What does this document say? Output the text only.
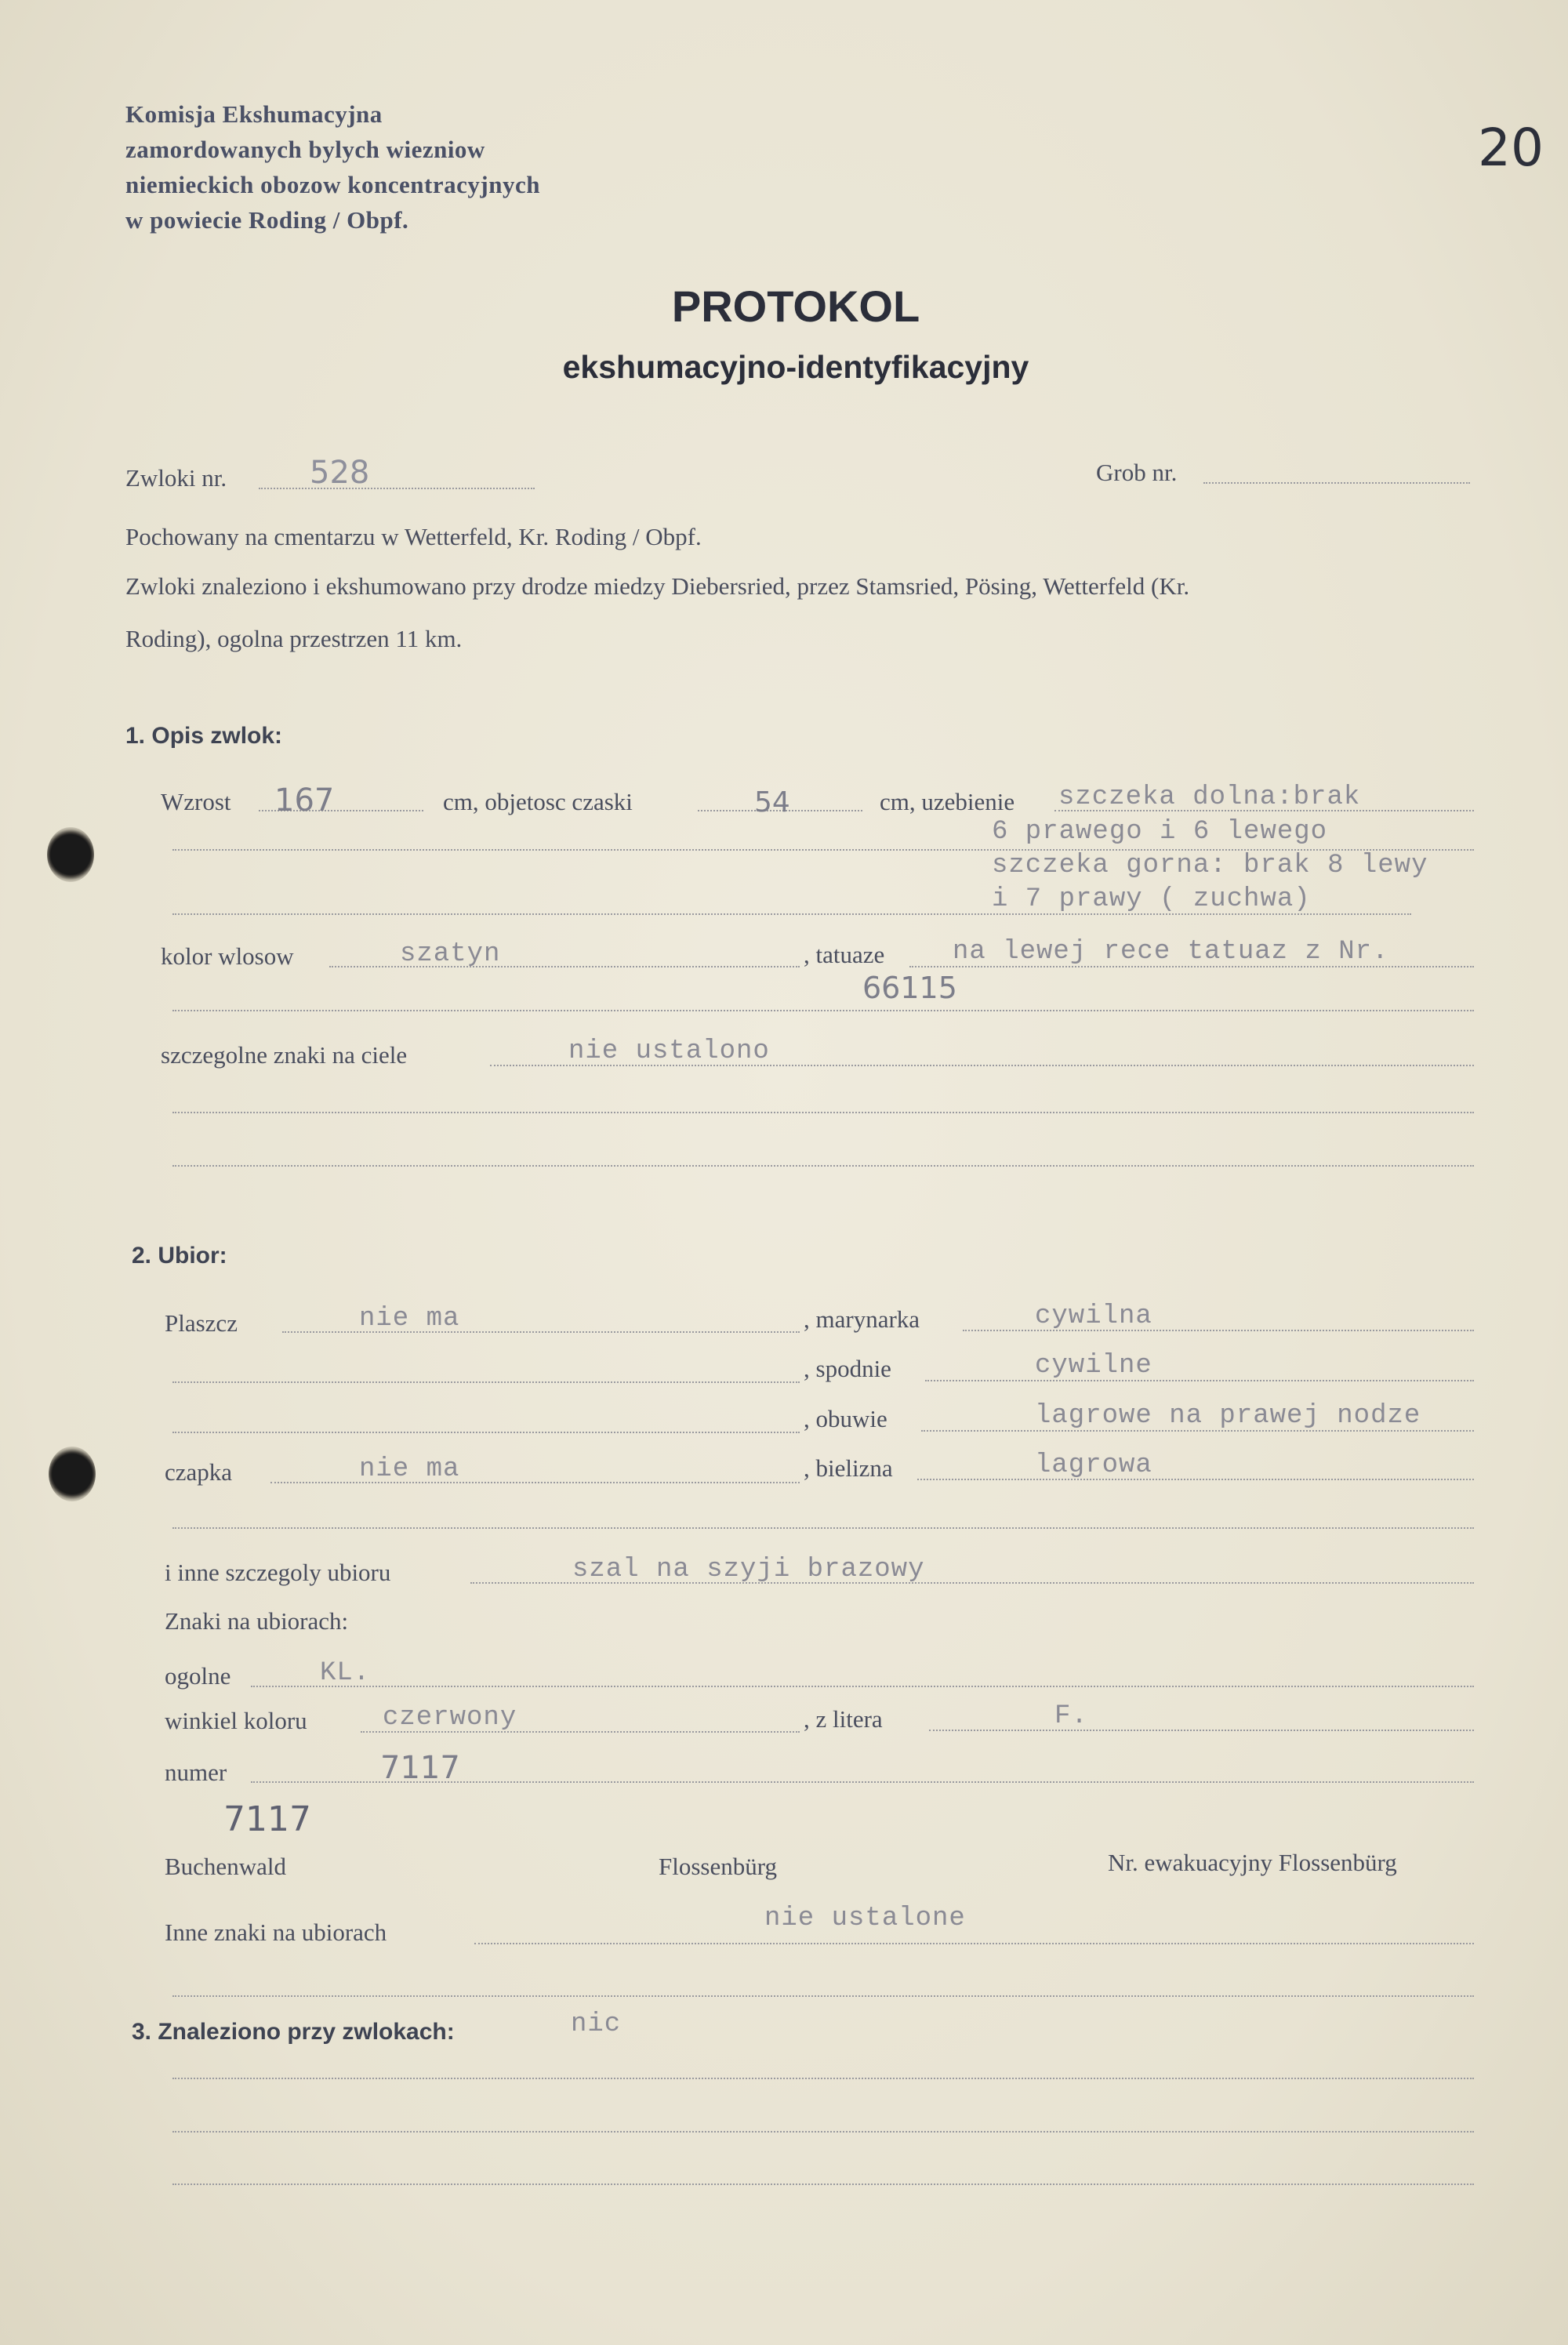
Komisja Ekshumacyjna
zamordowanych bylych wiezniow
niemieckich obozow koncentracyjnych
w powiecie Roding / Obpf.
20
PROTOKOL
ekshumacyjno-identyfikacyjny
Zwloki nr.	528	Grob nr.
Pochowany na cmentarzu w Wetterfeld, Kr. Roding / Obpf.
Zwloki znaleziono i ekshumowano przy drodze miedzy Diebersried, przez Stamsried, Pösing, Wetterfeld (Kr.
Roding), ogolna przestrzen 11 km.
1. Opis zwlok:
Wzrost 167	cm, objetosc czaski	54	cm, uzebienie szczeka dolna:brak
6 prawego i 6 lewego
szczeka gorna: brak 8 lewy
i 7 prawy ( zuchwa)
kolor wlosow	szatyn	, tatuaze	na lewej rece tatuaz z Nr.
66115
szczegolne znaki na ciele	nie ustalono
2. Ubior:
Plaszcz	nie ma	, marynarka	cywilna
, spodnie	cywilne
, obuwie	lagrowe na prawej nodze
czapka	nie ma	, bielizna	lagrowa
i inne szczegoly ubioru	szal na szyji brazowy
Znaki na ubiorach:
ogolne	KL.
winkiel koloru	czerwony	, z litera	F.
numer	7117
7117
Buchenwald	Flossenbürg	Nr. ewakuacyjny Flossenbürg
Inne znaki na ubiorach	nie ustalone
3. Znaleziono przy zwlokach:	nic
